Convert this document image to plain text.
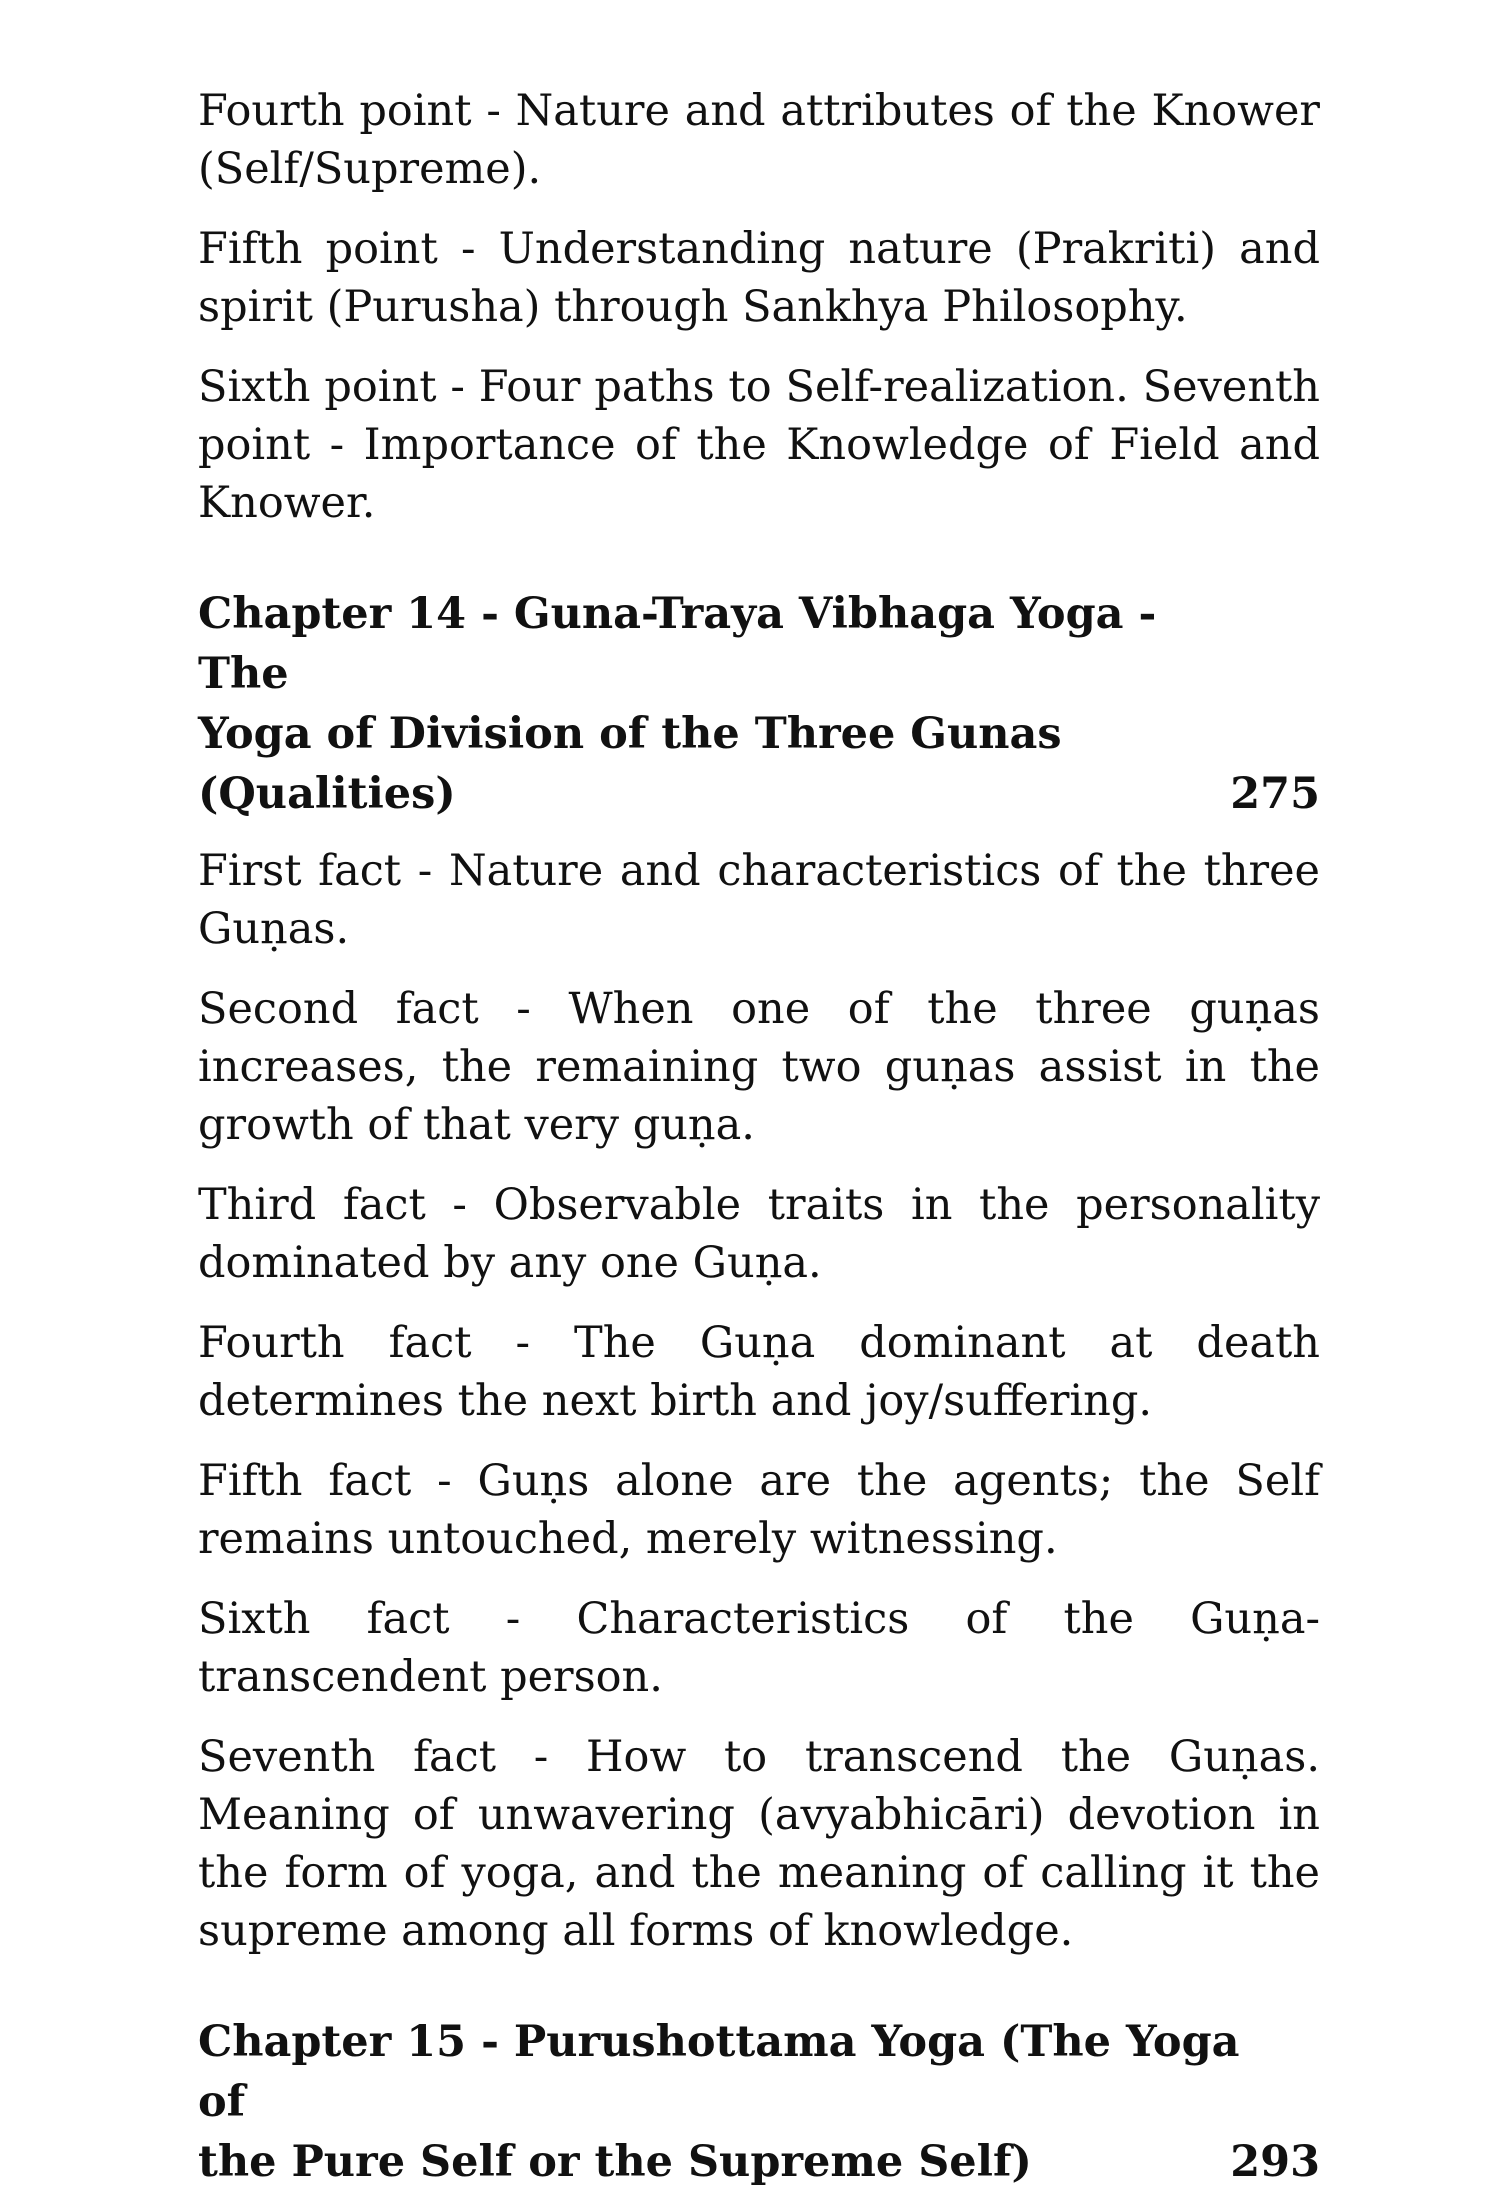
Fourth point - Nature and attributes of the Knower (Self/Supreme).

Fifth point - Understanding nature (Prakriti) and spirit (Purusha) through Sankhya Philosophy.

Sixth point - Four paths to Self-realization. Seventh point - Importance of the Knowledge of Field and Knower.

Chapter 14 - Guna-Traya Vibhaga Yoga - The
Yoga of Division of the Three Gunas (Qualities)	275

First fact - Nature and characteristics of the three Guṇas.

Second fact - When one of the three guṇas increases, the remaining two guṇas assist in the growth of that very guṇa.

Third fact - Observable traits in the personality dominated by any one Guṇa.

Fourth fact - The Guṇa dominant at death determines the next birth and joy/suffering.

Fifth fact - Guṇs alone are the agents; the Self remains untouched, merely witnessing.

Sixth fact - Characteristics of the Guṇa-transcendent person.

Seventh fact - How to transcend the Guṇas. Meaning of unwavering (avyabhicāri) devotion in the form of yoga, and the meaning of calling it the supreme among all forms of knowledge.

Chapter 15 - Purushottama Yoga (The Yoga of
the Pure Self or the Supreme Self)	293
